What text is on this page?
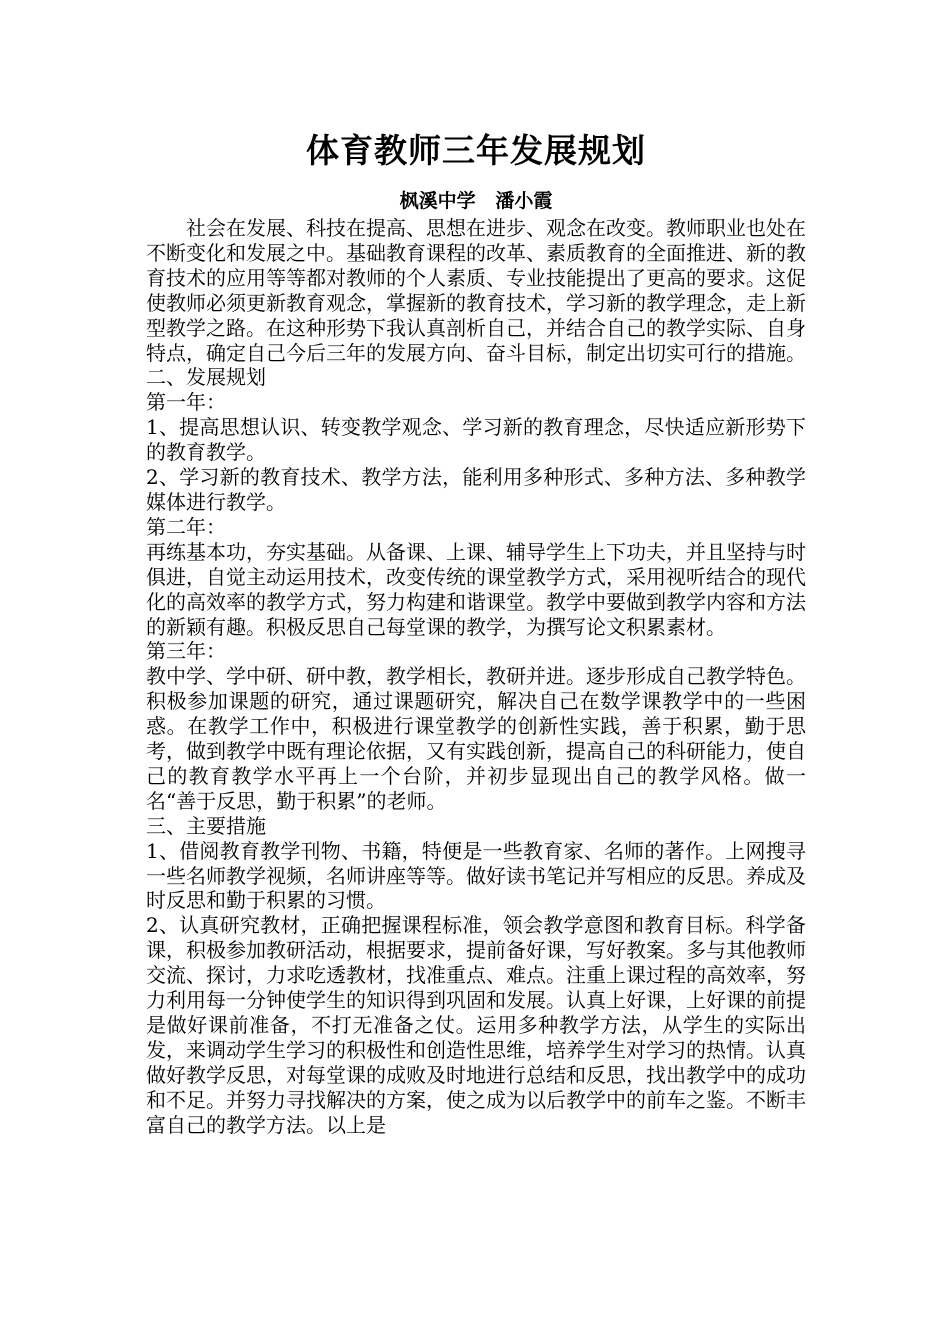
体育教师三年发展规划
枫溪中学   潘小霞

社会在发展、科技在提高、思想在进步、观念在改变。教师职业也处在不断变化和发展之中。基础教育课程的改革、素质教育的全面推进、新的教育技术的应用等等都对教师的个人素质、专业技能提出了更高的要求。这促使教师必须更新教育观念，掌握新的教育技术，学习新的教学理念，走上新型教学之路。在这种形势下我认真剖析自己，并结合自己的教学实际、自身特点，确定自己今后三年的发展方向、奋斗目标，制定出切实可行的措施。

二、发展规划

第一年：

1、提高思想认识、转变教学观念、学习新的教育理念，尽快适应新形势下的教育教学。

2、学习新的教育技术、教学方法，能利用多种形式、多种方法、多种教学媒体进行教学。

第二年：

再练基本功，夯实基础。从备课、上课、辅导学生上下功夫，并且坚持与时俱进，自觉主动运用技术，改变传统的课堂教学方式，采用视听结合的现代化的高效率的教学方式，努力构建和谐课堂。教学中要做到教学内容和方法的新颖有趣。积极反思自己每堂课的教学，为撰写论文积累素材。

第三年：

教中学、学中研、研中教，教学相长，教研并进。逐步形成自己教学特色。积极参加课题的研究，通过课题研究，解决自己在数学课教学中的一些困惑。在教学工作中，积极进行课堂教学的创新性实践，善于积累，勤于思考，做到教学中既有理论依据，又有实践创新，提高自己的科研能力，使自己的教育教学水平再上一个台阶，并初步显现出自己的教学风格。做一名“善于反思，勤于积累”的老师。

三、主要措施

1、借阅教育教学刊物、书籍，特便是一些教育家、名师的著作。上网搜寻一些名师教学视频，名师讲座等等。做好读书笔记并写相应的反思。养成及时反思和勤于积累的习惯。

2、认真研究教材，正确把握课程标准，领会教学意图和教育目标。科学备课，积极参加教研活动，根据要求，提前备好课，写好教案。多与其他教师交流、探讨，力求吃透教材，找准重点、难点。注重上课过程的高效率，努力利用每一分钟使学生的知识得到巩固和发展。认真上好课，上好课的前提是做好课前准备，不打无准备之仗。运用多种教学方法，从学生的实际出发，来调动学生学习的积极性和创造性思维，培养学生对学习的热情。认真做好教学反思，对每堂课的成败及时地进行总结和反思，找出教学中的成功和不足。并努力寻找解决的方案，使之成为以后教学中的前车之鉴。不断丰富自己的教学方法。以上是
